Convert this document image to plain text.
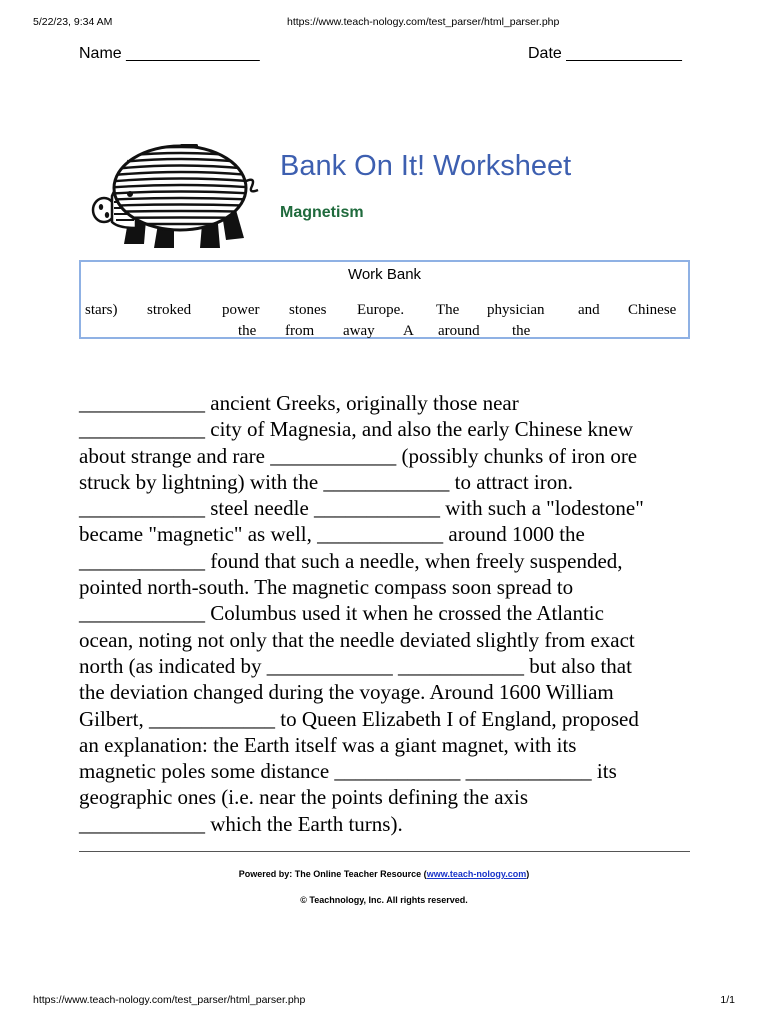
5/22/23, 9:34 AM	https://www.teach-nology.com/test_parser/html_parser.php
Name _______________	Date _____________
Bank On It! Worksheet
Magnetism
Work Bank
stars) stroked power stones Europe. The physician and Chinese
the from away A around the
____________ ancient Greeks, originally those near
____________ city of Magnesia, and also the early Chinese knew
about strange and rare ____________ (possibly chunks of iron ore
struck by lightning) with the ____________ to attract iron.
____________ steel needle ____________ with such a "lodestone"
became "magnetic" as well, ____________ around 1000 the
____________ found that such a needle, when freely suspended,
pointed north-south. The magnetic compass soon spread to
____________ Columbus used it when he crossed the Atlantic
ocean, noting not only that the needle deviated slightly from exact
north (as indicated by ____________ ____________ but also that
the deviation changed during the voyage. Around 1600 William
Gilbert, ____________ to Queen Elizabeth I of England, proposed
an explanation: the Earth itself was a giant magnet, with its
magnetic poles some distance ____________ ____________ its
geographic ones (i.e. near the points defining the axis
____________ which the Earth turns).
Powered by: The Online Teacher Resource (www.teach-nology.com)
© Teachnology, Inc. All rights reserved.
https://www.teach-nology.com/test_parser/html_parser.php	1/1
